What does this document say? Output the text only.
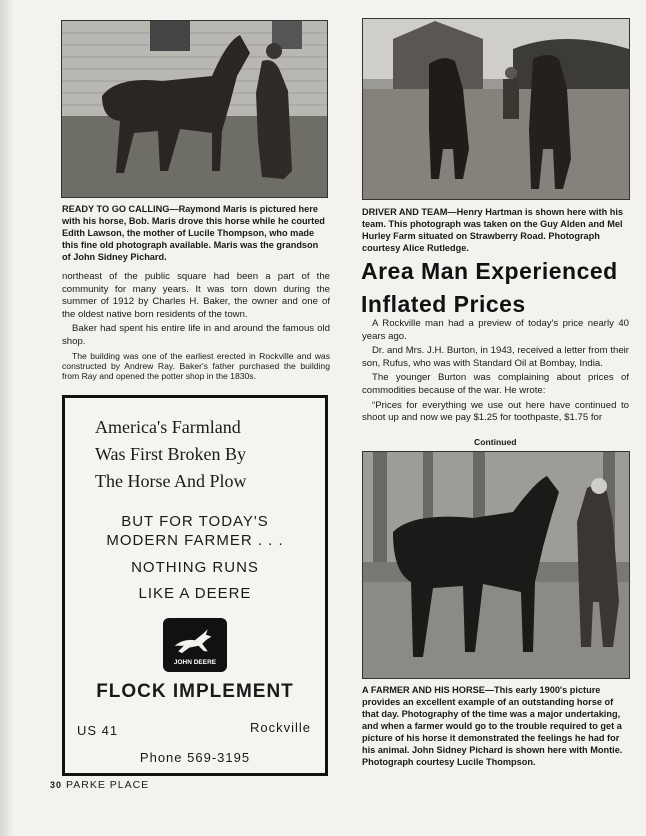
READY TO GO CALLING—Raymond Maris is pictured here with his horse, Bob. Maris drove this horse while he courted Edith Lawson, the mother of Lucile Thompson, who made this fine old photograph available. Maris was the grandson of John Sidney Pichard.

northeast of the public square had been a part of the community for many years. It was torn down during the summer of 1912 by Charles H. Baker, the owner and one of the oldest native born residents of the town.

Baker had spent his entire life in and around the famous old shop.

The building was one of the earliest erected in Rockville and was constructed by Andrew Ray. Baker's father purchased the building from Ray and opened the potter shop in the 1830s.

America's Farmland

Was First Broken By

The Horse And Plow

BUT FOR TODAY'S

MODERN FARMER . . .

NOTHING RUNS

LIKE A DEERE

JOHN DEERE

FLOCK IMPLEMENT

US 41	Rockville

Phone 569-3195

DRIVER AND TEAM—Henry Hartman is shown here with his team. This photograph was taken on the Guy Alden and Mel Hurley Farm situated on Strawberry Road. Photograph courtesy Alice Rutledge.

Area Man Experienced
Inflated Prices

A Rockville man had a preview of today's price nearly 40 years ago.

Dr. and Mrs. J.H. Burton, in 1943, received a letter from their son, Rufus, who was with Standard Oil at Bombay, India.

The younger Burton was complaining about prices of commodities because of the war. He wrote:

“Prices for everything we use out here have continued to shoot up and now we pay $1.25 for toothpaste, $1.75 for

Continued

A FARMER AND HIS HORSE—This early 1900's picture provides an excellent example of an outstanding horse of that day. Photography of the time was a major undertaking, and when a farmer would go to the trouble required to get a picture of his horse it demonstrated the feelings he had for his animal. John Sidney Pichard is shown here with Montie. Photograph courtesy Lucile Thompson.

30 PARKE PLACE
